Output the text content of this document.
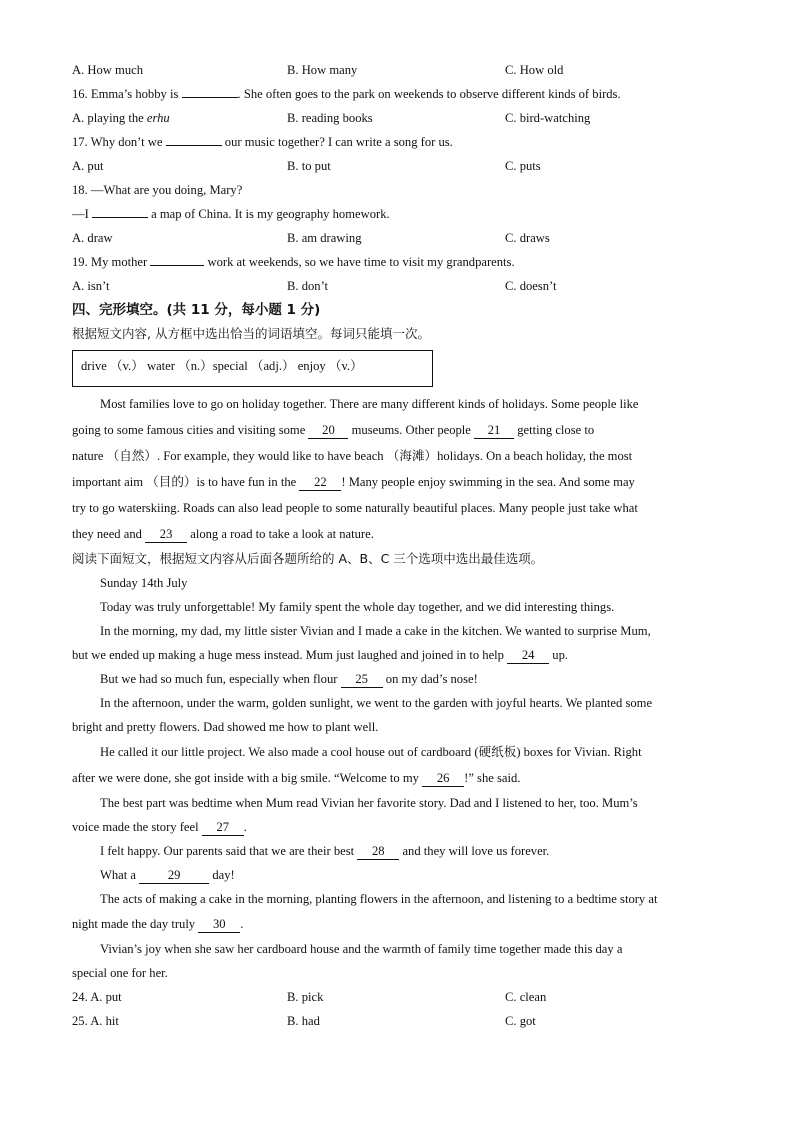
A. How much	B. How many	C. How old
16. Emma’s hobby is	. She often goes to the park on weekends to observe different kinds of birds.
A. playing the erhu	B. reading books	C. bird-watching
17. Why don’t we	our music together? I can write a song for us.
A. put	B. to put	C. puts
18. —What are you doing, Mary?
—I	a map of China. It is my geography homework.
A. draw	B. am drawing	C. draws
19. My mother	work at weekends, so we have time to visit my grandparents.
A. isn’t	B. don’t	C. doesn’t
四、完形填空。(共 11 分，每小题 1 分)
根据短文内容, 从方框中选出恰当的词语填空。每词只能填一次。
drive （v.） water （n.）special （adj.） enjoy （v.）
Most families love to go on holiday together. There are many different kinds of holidays. Some people like
going to some famous cities and visiting some 20 museums. Other people 21 getting close to
nature （自然）. For example, they would like to have beach （海滩）holidays. On a beach holiday, the most
important aim （目的）is to have fun in the 22 ! Many people enjoy swimming in the sea. And some may
try to go waterskiing. Roads can also lead people to some naturally beautiful places. Many people just take what
they need and 23 along a road to take a look at nature.
阅读下面短文，根据短文内容从后面各题所给的 A、B、C 三个选项中选出最佳选项。
Sunday 14th July
Today was truly unforgettable! My family spent the whole day together, and we did interesting things.
In the morning, my dad, my little sister Vivian and I made a cake in the kitchen. We wanted to surprise Mum,
but we ended up making a huge mess instead. Mum just laughed and joined in to help 24 up.
But we had so much fun, especially when flour 25 on my dad’s nose!
In the afternoon, under the warm, golden sunlight, we went to the garden with joyful hearts. We planted some
bright and pretty flowers. Dad showed me how to plant well.
He called it our little project. We also made a cool house out of cardboard (硬纸板) boxes for Vivian. Right
after we were done, she got inside with a big smile. “Welcome to my 26 !” she said.
The best part was bedtime when Mum read Vivian her favorite story. Dad and I listened to her, too. Mum’s
voice made the story feel 27 .
I felt happy. Our parents said that we are their best 28 and they will love us forever.
What a	29	day!
The acts of making a cake in the morning, planting flowers in the afternoon, and listening to a bedtime story at
night made the day truly 30 .
Vivian’s joy when she saw her cardboard house and the warmth of family time together made this day a
special one for her.
24. A. put	B. pick	C. clean
25. A. hit	B. had	C. got
